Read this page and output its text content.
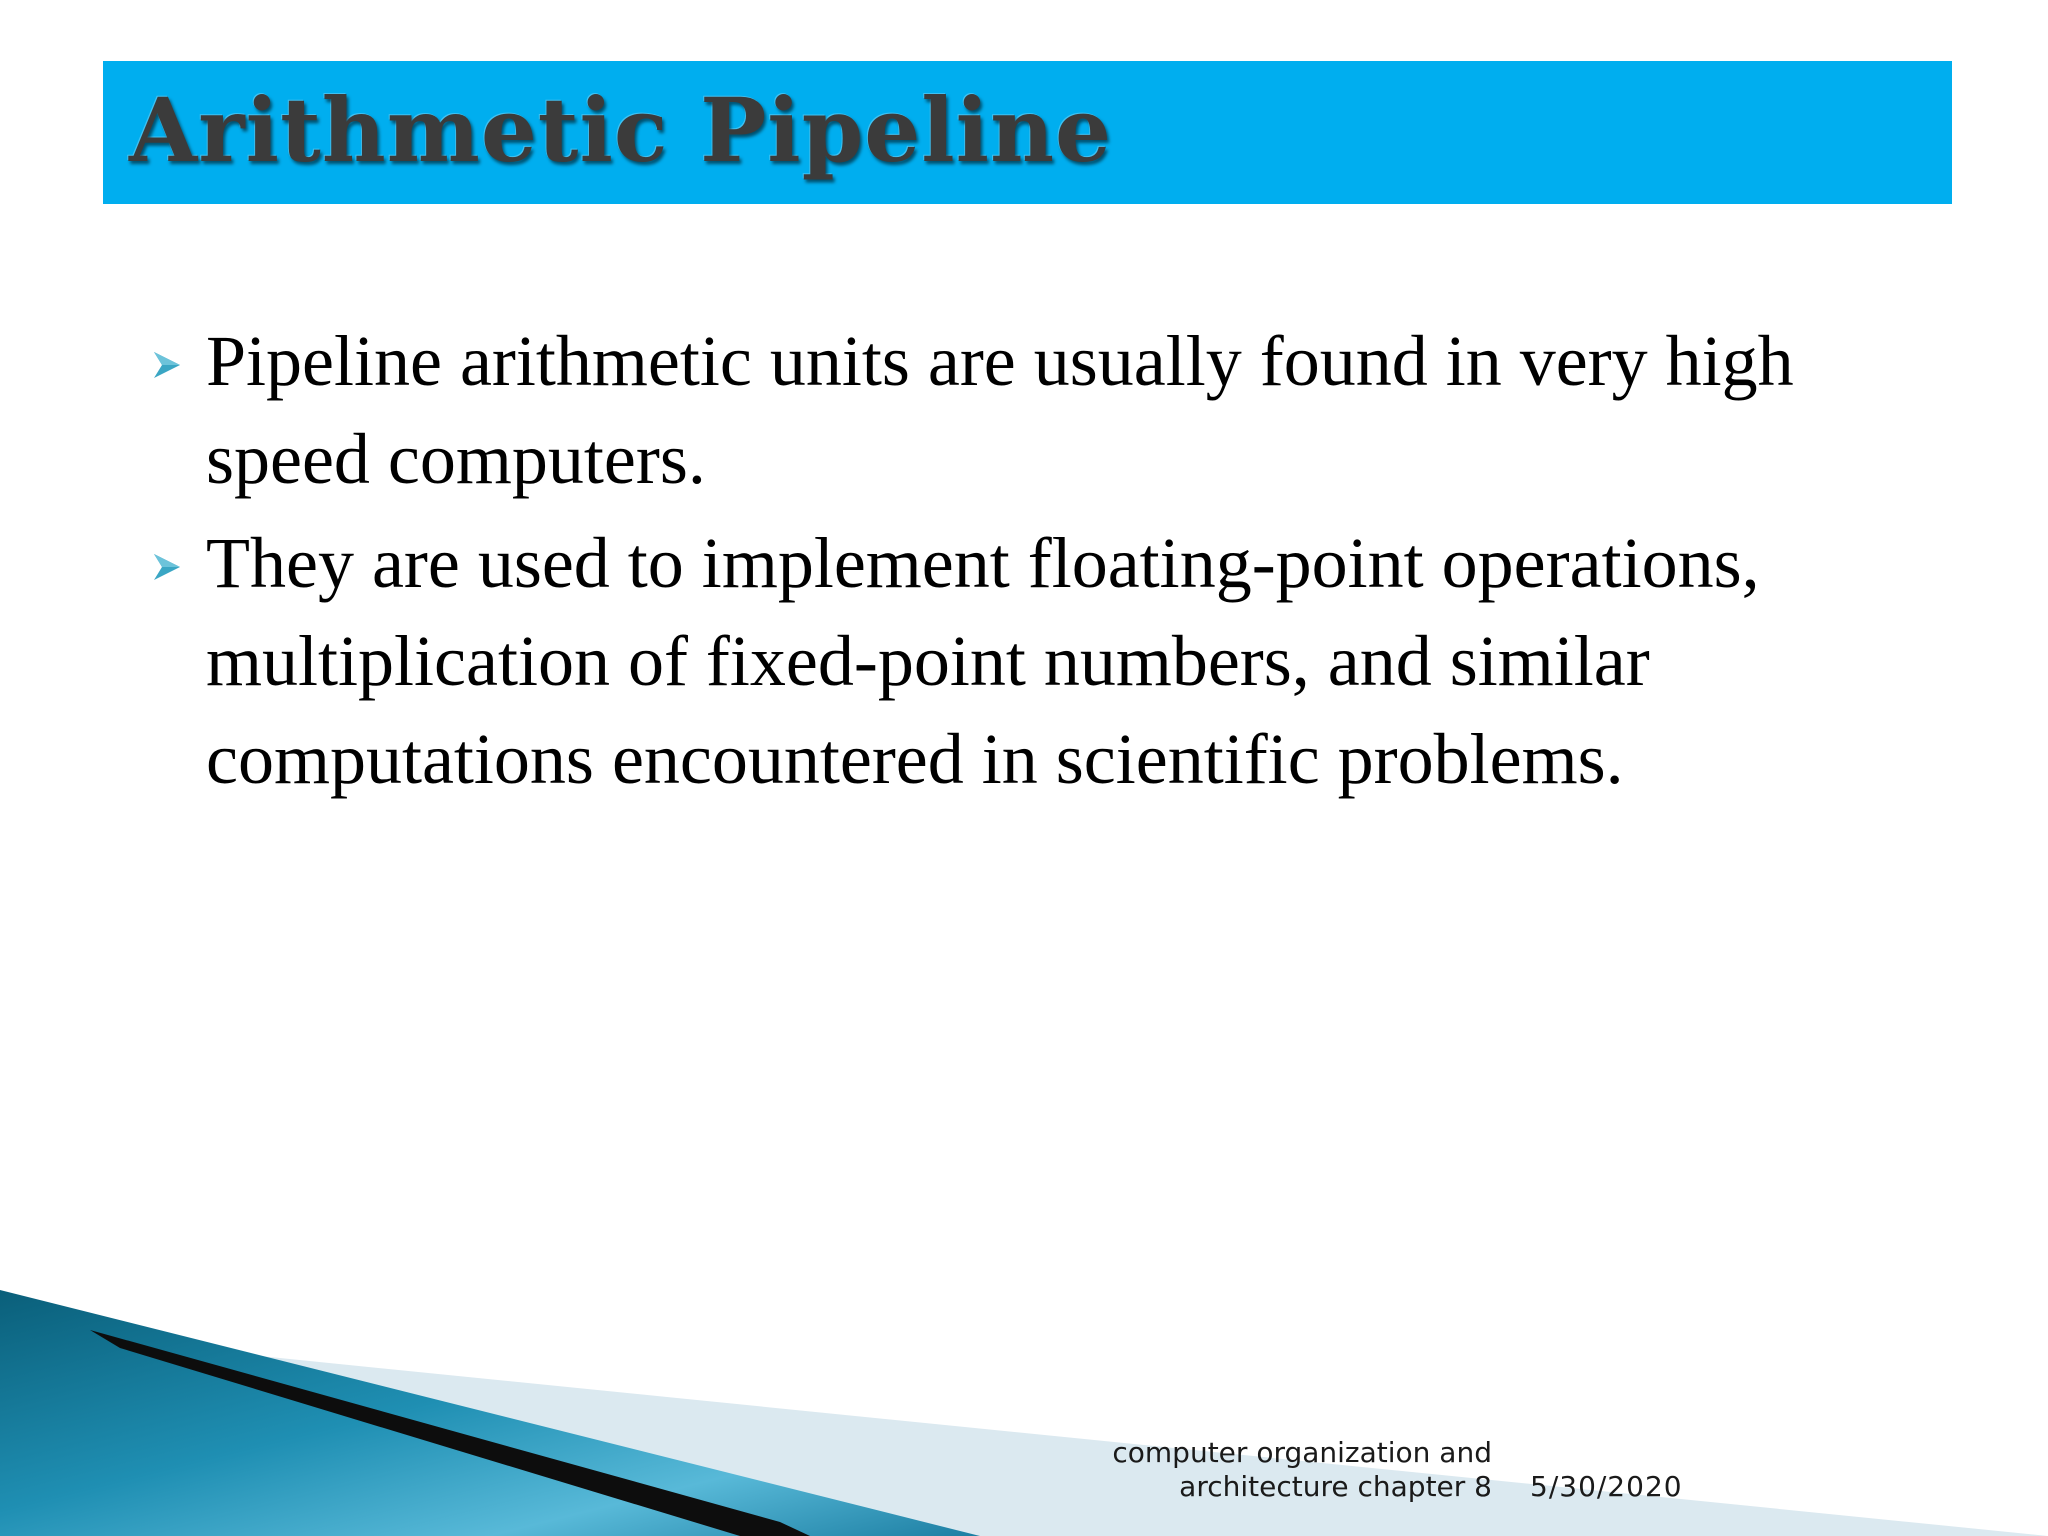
Arithmetic Pipeline

Pipeline arithmetic units are usually found in very high speed computers.

They are used to implement floating-point operations, multiplication of fixed-point numbers, and similar computations encountered in scientific problems.

computer organization and architecture chapter 8 5/30/2020
